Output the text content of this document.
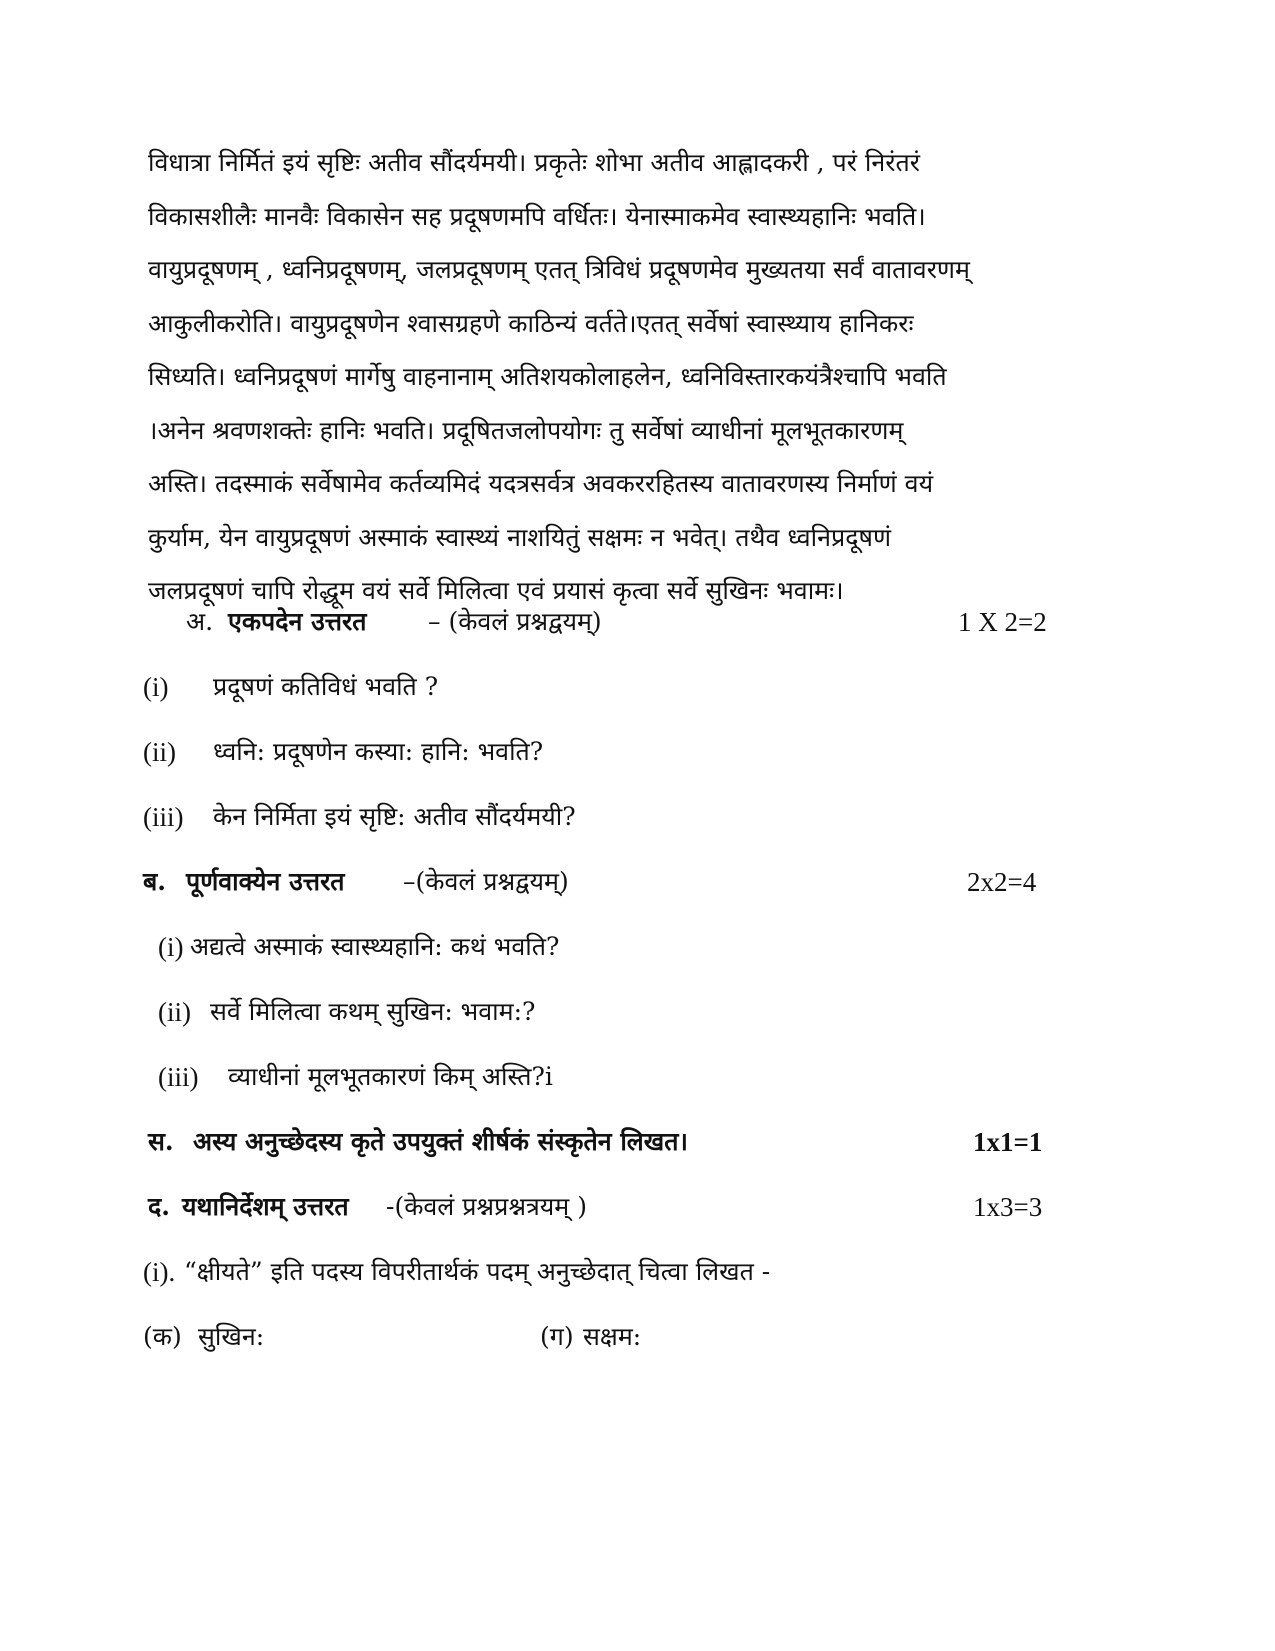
विधात्रा निर्मितं इयं सृष्टिः अतीव सौंदर्यमयी। प्रकृतेः शोभा अतीव आह्लादकरी , परं निरंतरं
विकासशीलैः मानवैः विकासेन सह प्रदूषणमपि वर्धितः। येनास्माकमेव स्वास्थ्यहानिः भवति।
वायुप्रदूषणम् , ध्वनिप्रदूषणम्, जलप्रदूषणम् एतत् त्रिविधं प्रदूषणमेव मुख्यतया सर्वं वातावरणम्
आकुलीकरोति। वायुप्रदूषणेन श्वासग्रहणे काठिन्यं वर्तते।एतत् सर्वेषां स्वास्थ्याय हानिकरः
सिध्यति। ध्वनिप्रदूषणं मार्गेषु वाहनानाम् अतिशयकोलाहलेन, ध्वनिविस्तारकयंत्रैश्चापि भवति
।अनेन श्रवणशक्तेः हानिः भवति। प्रदूषितजलोपयोगः तु सर्वेषां व्याधीनां मूलभूतकारणम्
अस्ति। तदस्माकं सर्वेषामेव कर्तव्यमिदं यदत्रसर्वत्र अवकररहितस्य वातावरणस्य निर्माणं वयं
कुर्याम, येन वायुप्रदूषणं अस्माकं स्वास्थ्यं नाशयितुं सक्षमः न भवेत्। तथैव ध्वनिप्रदूषणं
जलप्रदूषणं चापि रोद्धूम वयं सर्वे मिलित्वा एवं प्रयासं कृत्वा सर्वे सुखिनः भवामः।
अ. एकपदेन उत्तरत – (केवलं प्रश्नद्वयम्)	1 X 2=2
(i) प्रदूषणं कतिविधं भवति ?
(ii) ध्वनि: प्रदूषणेन कस्या: हानि: भवति?
(iii) केन निर्मिता इयं सृष्टि: अतीव सौंदर्यमयी?
ब. पूर्णवाक्येन उत्तरत –(केवलं प्रश्नद्वयम्)	2x2=4
(i) अद्यत्वे अस्माकं स्वास्थ्यहानि: कथं भवति?
(ii) सर्वे मिलित्वा कथम् सुखिन: भवाम:?
(iii) व्याधीनां मूलभूतकारणं किम् अस्ति?i
स. अस्य अनुच्छेदस्य कृते उपयुक्तं शीर्षकं संस्कृतेन लिखत।	1x1=1
द. यथानिर्देशम् उत्तरत -(केवलं प्रश्नप्रश्नत्रयम् )	1x3=3
(i). “क्षीयते” इति पदस्य विपरीतार्थकं पदम् अनुच्छेदात् चित्वा लिखत -
(क) सुखिन:	(ग) सक्षम:
